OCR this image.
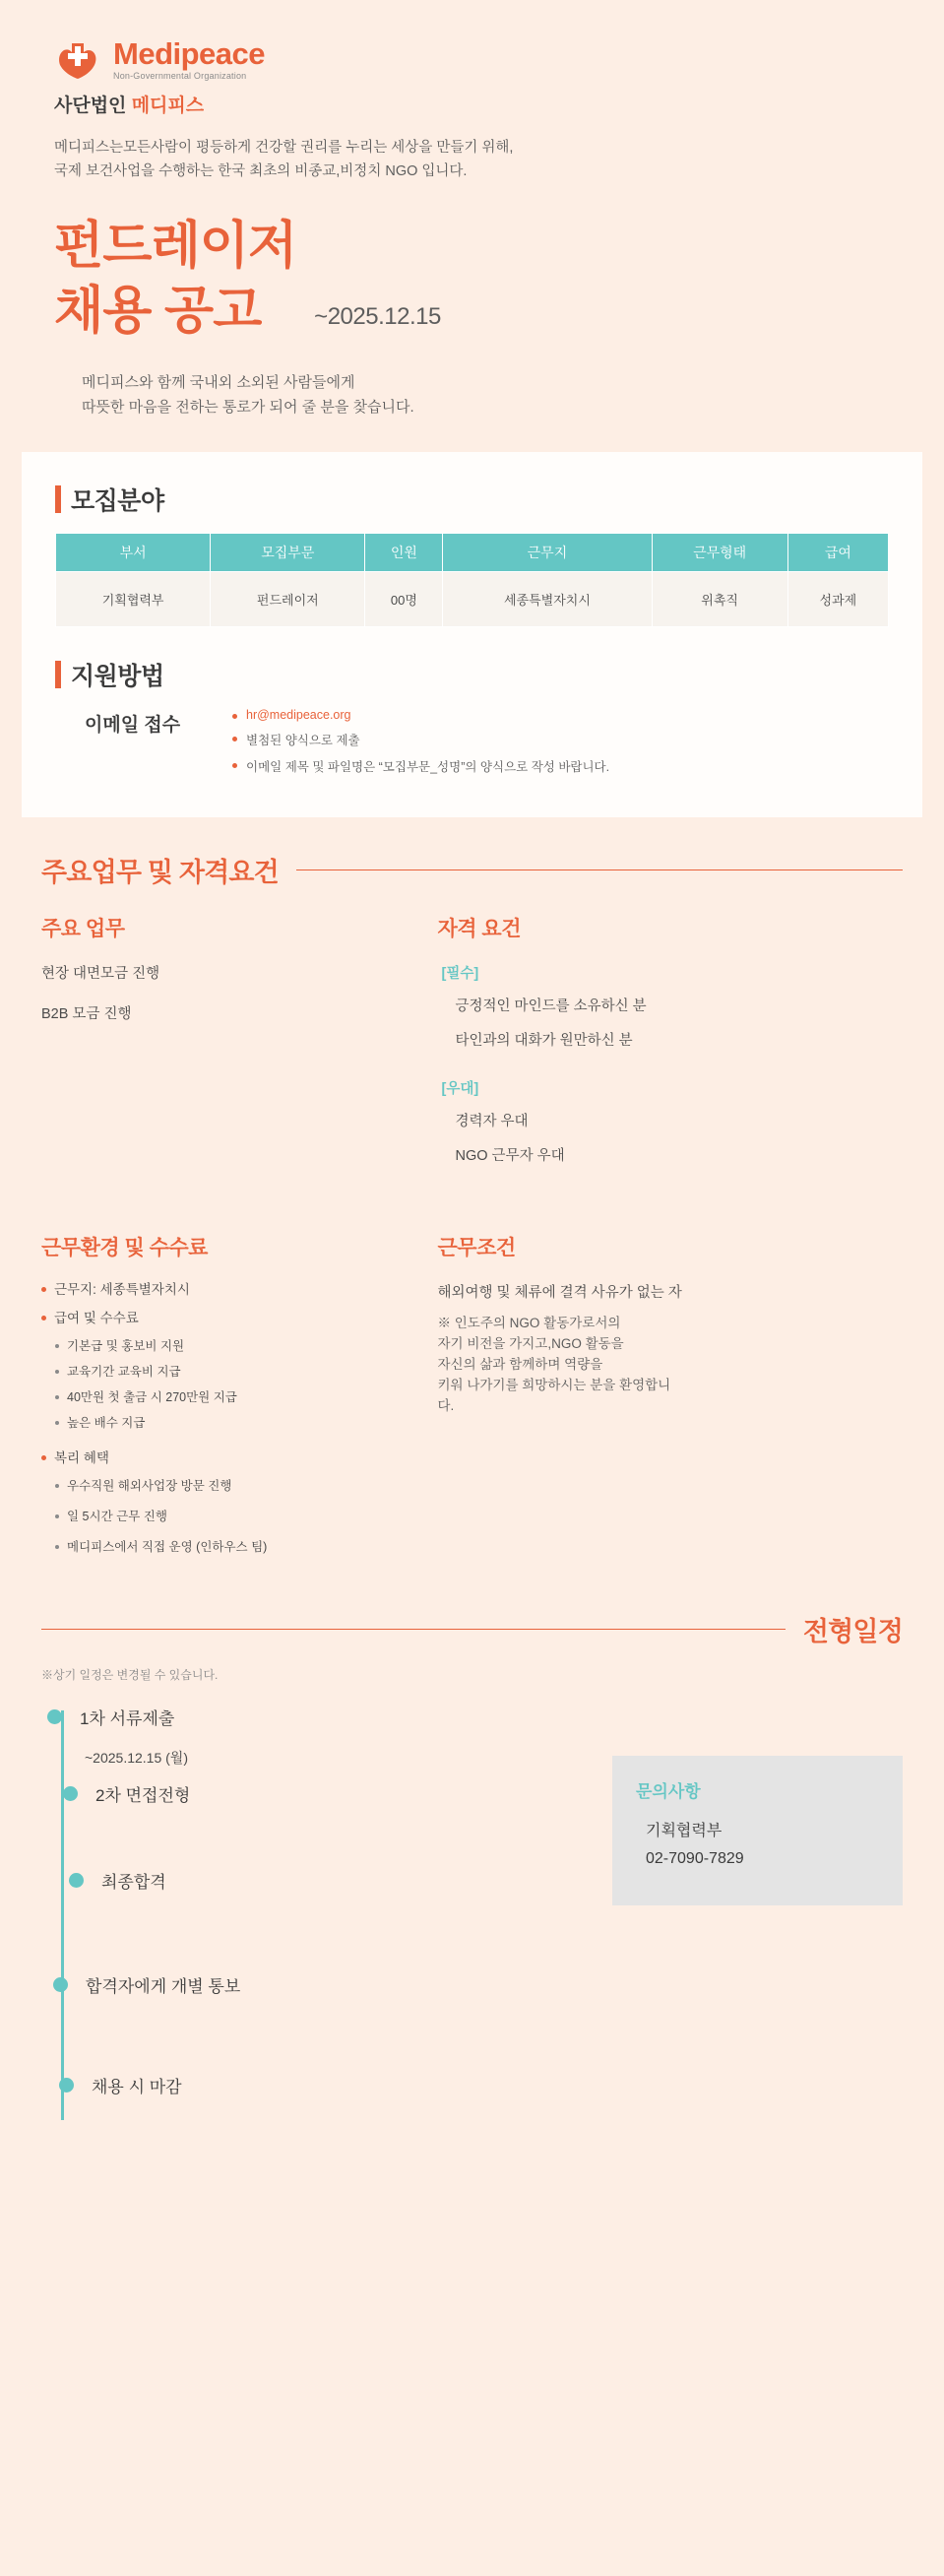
Medipeace
Non-Governmental Organization
사단법인 메디피스
메디피스는모든사람이 평등하게 건강할 권리를 누리는 세상을 만들기 위해,
국제 보건사업을 수행하는 한국 최초의 비종교,비정치 NGO 입니다.
펀드레이저
채용 공고	~2025.12.15
메디피스와 함께 국내외 소외된 사람들에게
따뜻한 마음을 전하는 통로가 되어 줄 분을 찾습니다.
모집분야
부서	모집부문	인원	근무지	근무형태	급여
기획협력부	펀드레이저	00명	세종특별자치시	위촉직	성과제
지원방법
이메일 접수	hr@medipeace.org
별첨된 양식으로 제출
이메일 제목 및 파일명은 “모집부문_성명”의 양식으로 작성 바랍니다.
주요업무 및 자격요건
주요 업무
현장 대면모금 진행
B2B 모금 진행
자격 요건
[필수]
긍정적인 마인드를 소유하신 분
타인과의 대화가 원만하신 분
[우대]
경력자 우대
NGO 근무자 우대
근무환경 및 수수료
근무지: 세종특별자치시
급여 및 수수료
기본급 및 홍보비 지원
교육기간 교육비 지급
40만원 첫 출금 시 270만원 지급
높은 배수 지급
복리 혜택
우수직원 해외사업장 방문 진행
일 5시간 근무 진행
메디피스에서 직접 운영 (인하우스 팀)
근무조건
해외여행 및 체류에 결격 사유가 없는 자
※ 인도주의 NGO 활동가로서의
자기 비전을 가지고,NGO 활동을
자신의 삶과 함께하며 역량을
키워 나가기를 희망하시는 분을 환영합니
다.
전형일정
※상기 일정은 변경될 수 있습니다.
1차 서류제출
~2025.12.15 (월)
2차 면접전형
최종합격
합격자에게 개별 통보
채용 시 마감
문의사항
기획협력부
02-7090-7829
